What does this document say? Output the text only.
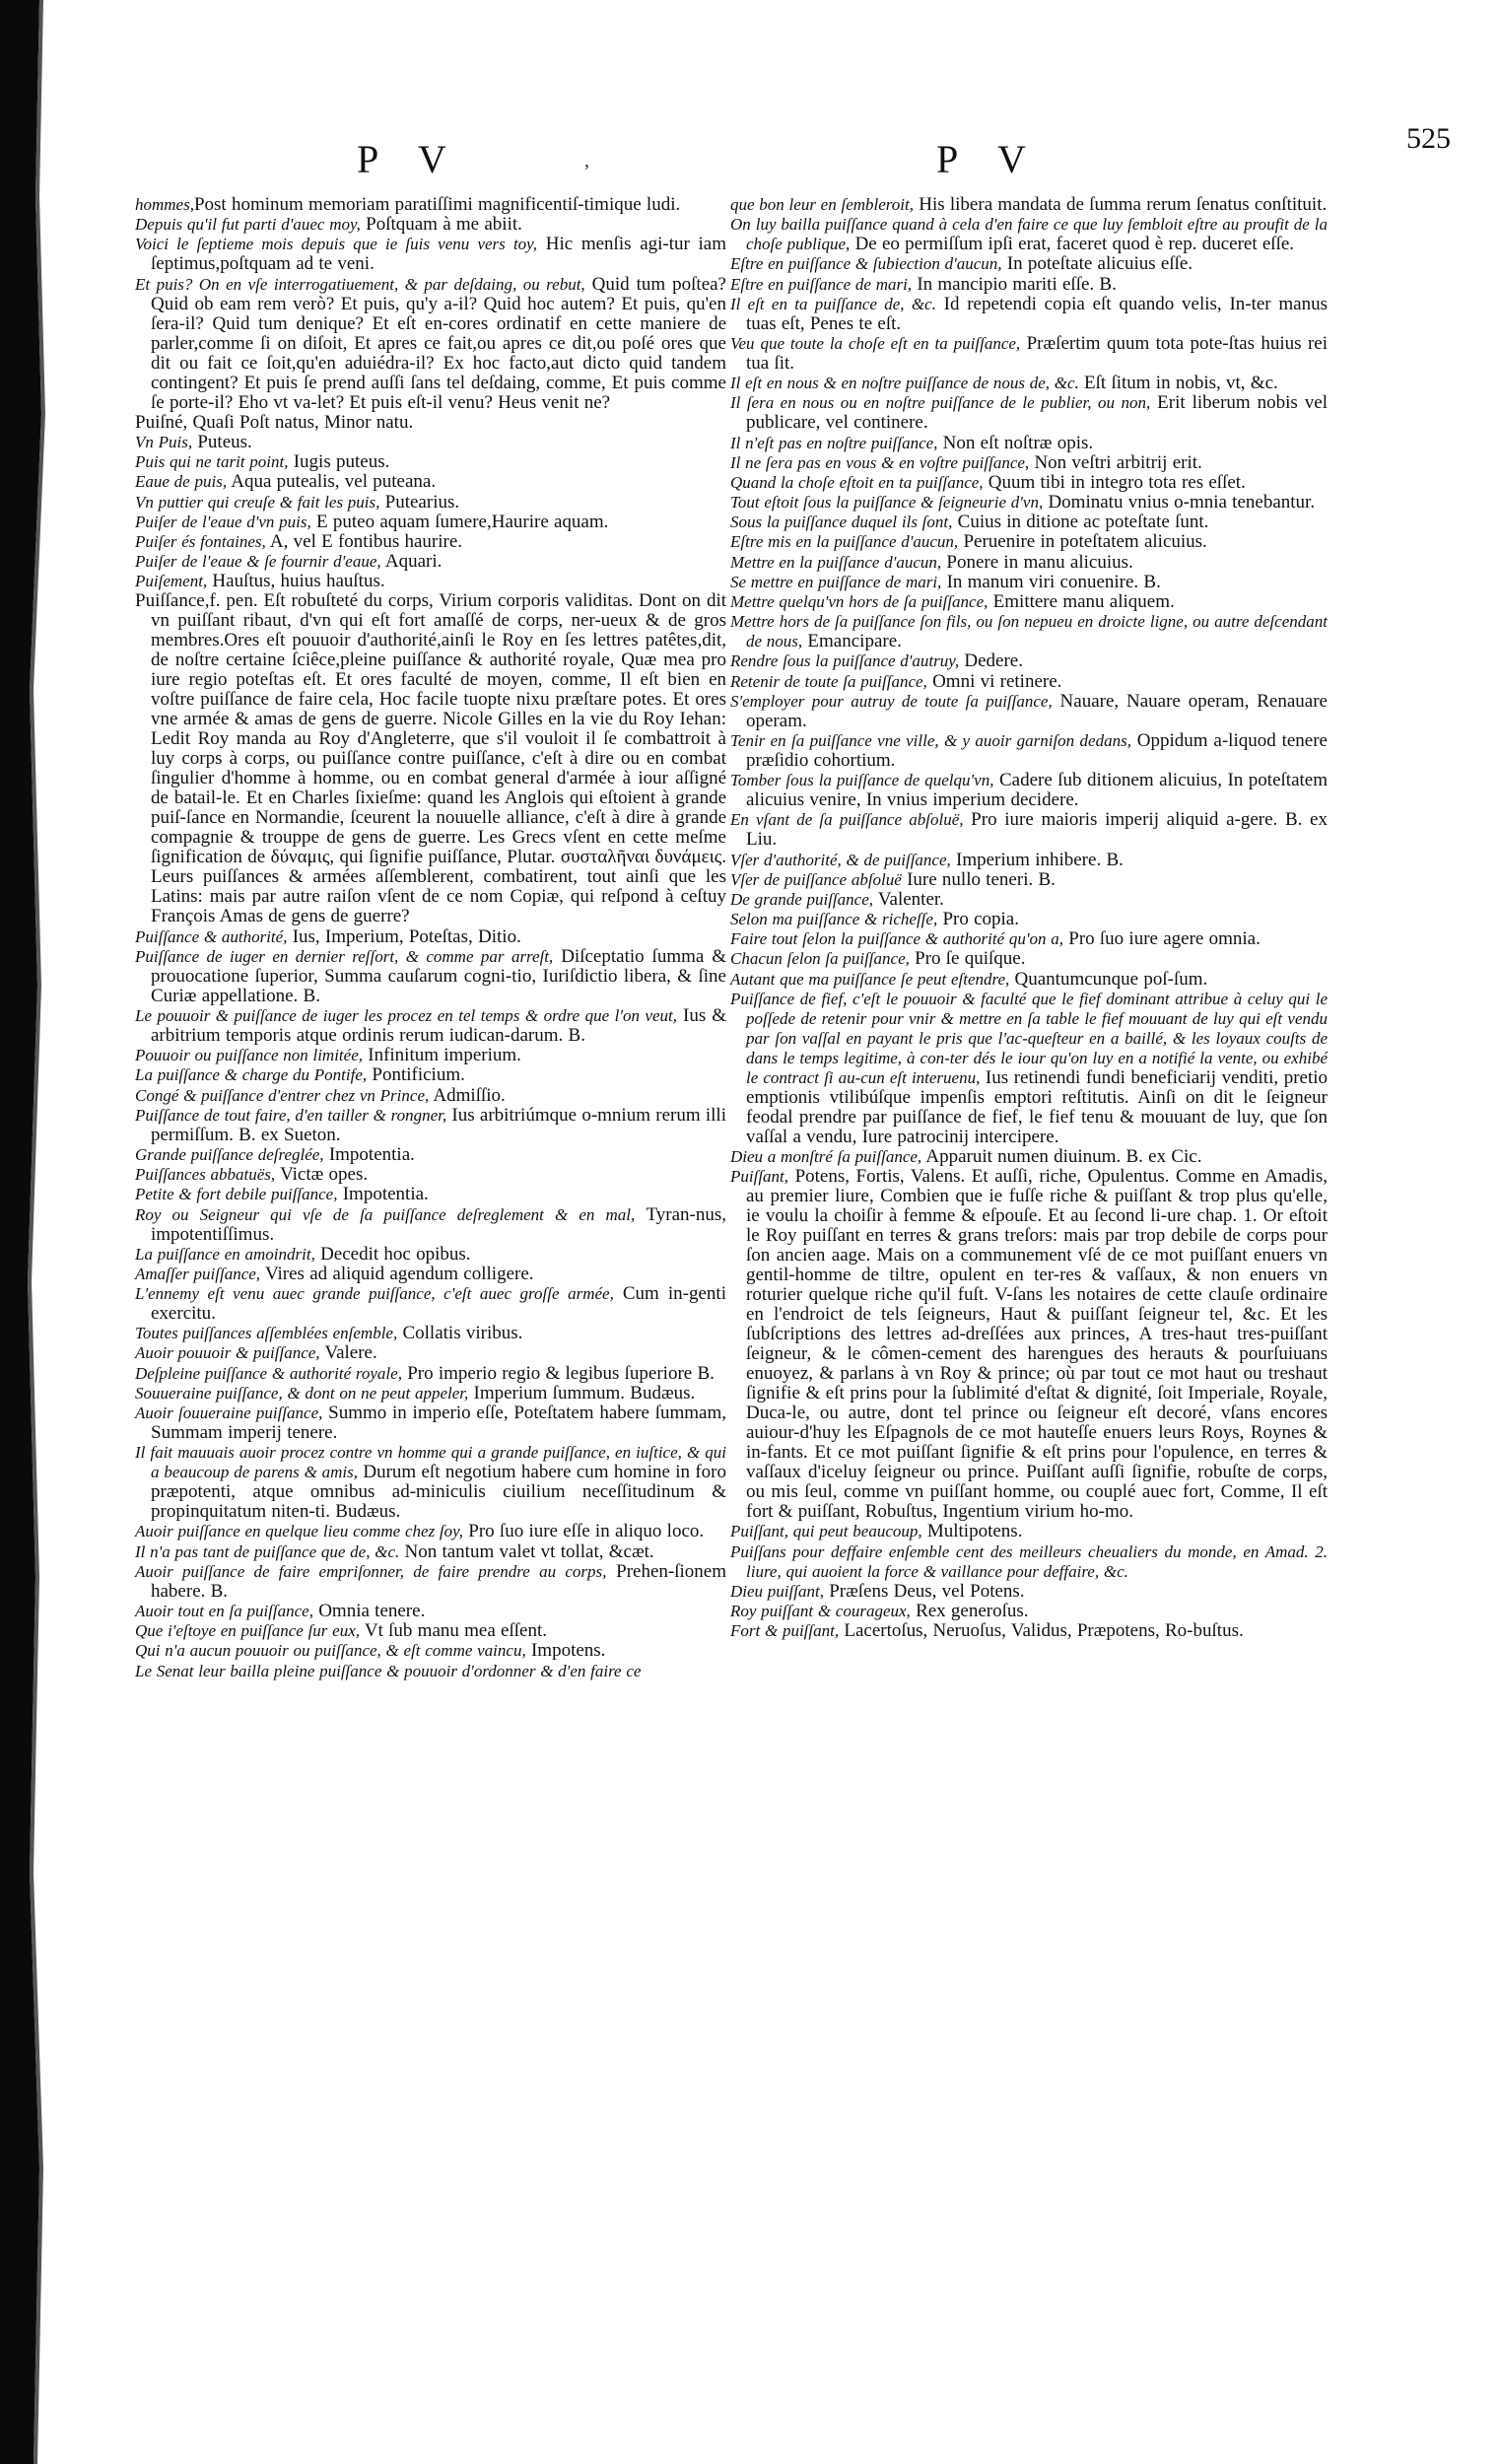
P V	P V	525
,

hommes,Post hominum memoriam paratiſſimi magnificentiſ-timique ludi.

Depuis qu'il fut parti d'auec moy, Poſtquam à me abiit.

Voici le ſeptieme mois depuis que ie ſuis venu vers toy, Hic menſis agi-tur iam ſeptimus,poſtquam ad te veni.

Et puis? On en vſe interrogatiuement, & par deſdaing, ou rebut, Quid tum poſtea? Quid ob eam rem verò? Et puis, qu'y a-il? Quid hoc autem? Et puis, qu'en ſera-il? Quid tum denique? Et eſt en-cores ordinatif en cette maniere de parler,comme ſi on diſoit, Et apres ce fait,ou apres ce dit,ou poſé ores que dit ou fait ce ſoit,qu'en aduiédra-il? Ex hoc facto,aut dicto quid tandem contingent? Et puis ſe prend auſſi ſans tel deſdaing, comme, Et puis comme ſe porte-il? Eho vt va-let? Et puis eſt-il venu? Heus venit ne?

Puiſné, Quaſi Poſt natus, Minor natu.

Vn Puis, Puteus.

Puis qui ne tarit point, Iugis puteus.

Eaue de puis, Aqua putealis, vel puteana.

Vn puttier qui creuſe & fait les puis, Putearius.

Puiſer de l'eaue d'vn puis, E puteo aquam ſumere,Haurire aquam.

Puiſer és fontaines, A, vel E fontibus haurire.

Puiſer de l'eaue & ſe fournir d'eaue, Aquari.

Puiſement, Hauſtus, huius hauſtus.

Puiſſance,f. pen. Eſt robuſteté du corps, Virium corporis validitas. Dont on dit vn puiſſant ribaut, d'vn qui eſt fort amaſſé de corps, ner-ueux & de gros membres.Ores eſt pouuoir d'authorité,ainſi le Roy en ſes lettres patêtes,dit, de noſtre certaine ſciêce,pleine puiſſance & authorité royale, Quæ mea pro iure regio poteſtas eſt. Et ores faculté de moyen, comme, Il eſt bien en voſtre puiſſance de faire cela, Hoc facile tuopte nixu præſtare potes. Et ores vne armée & amas de gens de guerre. Nicole Gilles en la vie du Roy Iehan: Ledit Roy manda au Roy d'Angleterre, que s'il vouloit il ſe combattroit à luy corps à corps, ou puiſſance contre puiſſance, c'eſt à dire ou en combat ſingulier d'homme à homme, ou en combat general d'armée à iour aſſigné de batail-le. Et en Charles ſixieſme: quand les Anglois qui eſtoient à grande puiſ-ſance en Normandie, ſceurent la nouuelle alliance, c'eſt à dire à grande compagnie & trouppe de gens de guerre. Les Grecs vſent en cette meſme ſignification de δύναμις, qui ſignifie puiſſance, Plutar. συσταλῆναι δυνάμεις. Leurs puiſſances & armées aſſemblerent, combatirent, tout ainſi que les Latins: mais par autre raiſon vſent de ce nom Copiæ, qui reſpond à ceſtuy François Amas de gens de guerre?

Puiſſance & authorité, Ius, Imperium, Poteſtas, Ditio.

Puiſſance de iuger en dernier reſſort, & comme par arreſt, Diſceptatio ſumma & prouocatione ſuperior, Summa cauſarum cogni-tio, Iuriſdictio libera, & ſine Curiæ appellatione. B.

Le pouuoir & puiſſance de iuger les procez en tel temps & ordre que l'on veut, Ius & arbitrium temporis atque ordinis rerum iudican-darum. B.

Pouuoir ou puiſſance non limitée, Infinitum imperium.

La puiſſance & charge du Pontife, Pontificium.

Congé & puiſſance d'entrer chez vn Prince, Admiſſio.

Puiſſance de tout faire, d'en tailler & rongner, Ius arbitriúmque o-mnium rerum illi permiſſum. B. ex Sueton.

Grande puiſſance deſreglée, Impotentia.

Puiſſances abbatuës, Victæ opes.

Petite & fort debile puiſſance, Impotentia.

Roy ou Seigneur qui vſe de ſa puiſſance deſreglement & en mal, Tyran-nus, impotentiſſimus.

La puiſſance en amoindrit, Decedit hoc opibus.

Amaſſer puiſſance, Vires ad aliquid agendum colligere.

L'ennemy eſt venu auec grande puiſſance, c'eſt auec groſſe armée, Cum in-genti exercitu.

Toutes puiſſances aſſemblées enſemble, Collatis viribus.

Auoir pouuoir & puiſſance, Valere.

Deſpleine puiſſance & authorité royale, Pro imperio regio & legibus ſuperiore B.

Souueraine puiſſance, & dont on ne peut appeler, Imperium ſummum. Budæus.

Auoir ſouueraine puiſſance, Summo in imperio eſſe, Poteſtatem habere ſummam, Summam imperij tenere.

Il fait mauuais auoir procez contre vn homme qui a grande puiſſance, en iuſtice, & qui a beaucoup de parens & amis, Durum eſt negotium habere cum homine in foro præpotenti, atque omnibus ad-miniculis ciuilium neceſſitudinum & propinquitatum niten-ti. Budæus.

Auoir puiſſance en quelque lieu comme chez ſoy, Pro ſuo iure eſſe in aliquo loco.

Il n'a pas tant de puiſſance que de, &c. Non tantum valet vt tollat, &cæt.

Auoir puiſſance de faire empriſonner, de faire prendre au corps, Prehen-ſionem habere. B.

Auoir tout en ſa puiſſance, Omnia tenere.

Que i'eſtoye en puiſſance ſur eux, Vt ſub manu mea eſſent.

Qui n'a aucun pouuoir ou puiſſance, & eſt comme vaincu, Impotens.

Le Senat leur bailla pleine puiſſance & pouuoir d'ordonner & d'en faire ce

que bon leur en ſembleroit, His libera mandata de ſumma rerum ſenatus conſtituit.

On luy bailla puiſſance quand à cela d'en faire ce que luy ſembloit eſtre au proufit de la choſe publique, De eo permiſſum ipſi erat, faceret quod è rep. duceret eſſe.

Eſtre en puiſſance & ſubiection d'aucun, In poteſtate alicuius eſſe.

Eſtre en puiſſance de mari, In mancipio mariti eſſe. B.

Il eſt en ta puiſſance de, &c. Id repetendi copia eſt quando velis, In-ter manus tuas eſt, Penes te eſt.

Veu que toute la choſe eſt en ta puiſſance, Præſertim quum tota pote-ſtas huius rei tua ſit.

Il eſt en nous & en noſtre puiſſance de nous de, &c. Eſt ſitum in nobis, vt, &c.

Il ſera en nous ou en noſtre puiſſance de le publier, ou non, Erit liberum nobis vel publicare, vel continere.

Il n'eſt pas en noſtre puiſſance, Non eſt noſtræ opis.

Il ne ſera pas en vous & en voſtre puiſſance, Non veſtri arbitrij erit.

Quand la choſe eſtoit en ta puiſſance, Quum tibi in integro tota res eſſet.

Tout eſtoit ſous la puiſſance & ſeigneurie d'vn, Dominatu vnius o-mnia tenebantur.

Sous la puiſſance duquel ils ſont, Cuius in ditione ac poteſtate ſunt.

Eſtre mis en la puiſſance d'aucun, Peruenire in poteſtatem alicuius.

Mettre en la puiſſance d'aucun, Ponere in manu alicuius.

Se mettre en puiſſance de mari, In manum viri conuenire. B.

Mettre quelqu'vn hors de ſa puiſſance, Emittere manu aliquem.

Mettre hors de ſa puiſſance ſon fils, ou ſon nepueu en droicte ligne, ou autre deſcendant de nous, Emancipare.

Rendre ſous la puiſſance d'autruy, Dedere.

Retenir de toute ſa puiſſance, Omni vi retinere.

S'employer pour autruy de toute ſa puiſſance, Nauare, Nauare operam, Renauare operam.

Tenir en ſa puiſſance vne ville, & y auoir garniſon dedans, Oppidum a-liquod tenere præſidio cohortium.

Tomber ſous la puiſſance de quelqu'vn, Cadere ſub ditionem alicuius, In poteſtatem alicuius venire, In vnius imperium decidere.

En vſant de ſa puiſſance abſoluë, Pro iure maioris imperij aliquid a-gere. B. ex Liu.

Vſer d'authorité, & de puiſſance, Imperium inhibere. B.

Vſer de puiſſance abſoluë Iure nullo teneri. B.

De grande puiſſance, Valenter.

Selon ma puiſſance & richeſſe, Pro copia.

Faire tout ſelon la puiſſance & authorité qu'on a, Pro ſuo iure agere omnia.

Chacun ſelon ſa puiſſance, Pro ſe quiſque.

Autant que ma puiſſance ſe peut eſtendre, Quantumcunque poſ-ſum.

Puiſſance de fief, c'eſt le pouuoir & faculté que le fief dominant attribue à celuy qui le poſſede de retenir pour vnir & mettre en ſa table le fief mouuant de luy qui eſt vendu par ſon vaſſal en payant le pris que l'ac-queſteur en a baillé, & les loyaux couſts de dans le temps legitime, à con-ter dés le iour qu'on luy en a notifié la vente, ou exhibé le contract ſi au-cun eſt interuenu, Ius retinendi fundi beneficiarij venditi, pretio emptionis vtilibúſque impenſis emptori reſtitutis. Ainſi on dit le ſeigneur feodal prendre par puiſſance de fief, le fief tenu & mouuant de luy, que ſon vaſſal a vendu, Iure patrocinij intercipere.

Dieu a monſtré ſa puiſſance, Apparuit numen diuinum. B. ex Cic.

Puiſſant, Potens, Fortis, Valens. Et auſſi, riche, Opulentus. Comme en Amadis, au premier liure, Combien que ie fuſſe riche & puiſſant & trop plus qu'elle, ie voulu la choiſir à femme & eſpouſe. Et au ſecond li-ure chap. 1. Or eſtoit le Roy puiſſant en terres & grans treſors: mais par trop debile de corps pour ſon ancien aage. Mais on a communement vſé de ce mot puiſſant enuers vn gentil-homme de tiltre, opulent en ter-res & vaſſaux, & non enuers vn roturier quelque riche qu'il fuſt. V-ſans les notaires de cette clauſe ordinaire en l'endroict de tels ſeigneurs, Haut & puiſſant ſeigneur tel, &c. Et les ſubſcriptions des lettres ad-dreſſées aux princes, A tres-haut tres-puiſſant ſeigneur, & le cômen-cement des harengues des herauts & pourſuiuans enuoyez, & parlans à vn Roy & prince; où par tout ce mot haut ou treshaut ſignifie & eſt prins pour la ſublimité d'eſtat & dignité, ſoit Imperiale, Royale, Duca-le, ou autre, dont tel prince ou ſeigneur eſt decoré, vſans encores auiour-d'huy les Eſpagnols de ce mot hauteſſe enuers leurs Roys, Roynes & in-fants. Et ce mot puiſſant ſignifie & eſt prins pour l'opulence, en terres & vaſſaux d'iceluy ſeigneur ou prince. Puiſſant auſſi ſignifie, robuſte de corps, ou mis ſeul, comme vn puiſſant homme, ou couplé auec fort, Comme, Il eſt fort & puiſſant, Robuſtus, Ingentium virium ho-mo.

Puiſſant, qui peut beaucoup, Multipotens.

Puiſſans pour deffaire enſemble cent des meilleurs cheualiers du monde, en Amad. 2. liure, qui auoient la force & vaillance pour deffaire, &c.

Dieu puiſſant, Præſens Deus, vel Potens.

Roy puiſſant & courageux, Rex generoſus.

Fort & puiſſant, Lacertoſus, Neruoſus, Validus, Præpotens, Ro-buſtus.
